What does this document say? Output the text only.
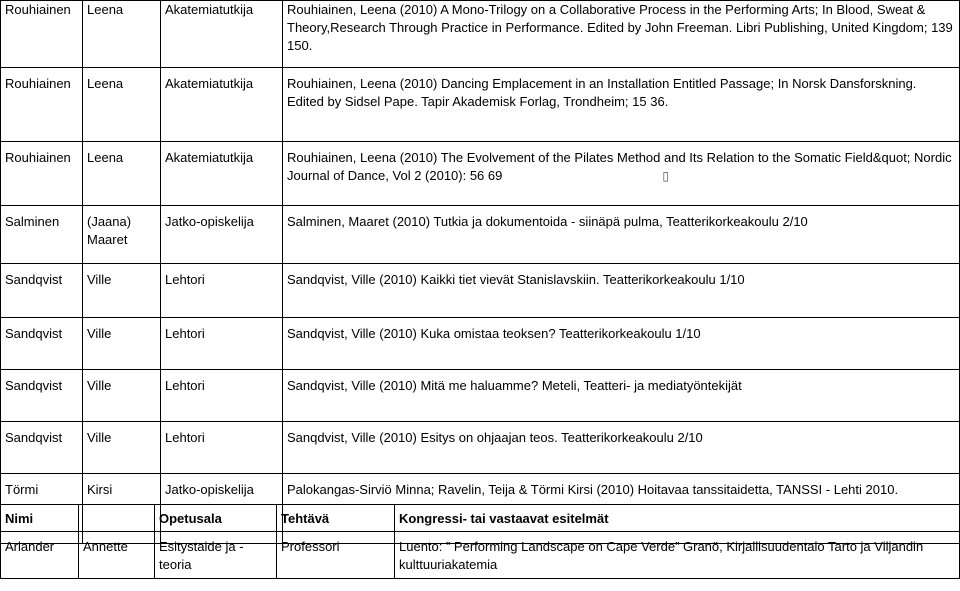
Rouhiainen	Leena	Akatemiatutkija	Rouhiainen, Leena (2010) A Mono-Trilogy on a Collaborative Process in the Performing Arts; In Blood, Sweat & Theory,Research Through Practice in Performance. Edited by John Freeman. Libri Publishing, United Kingdom; 139 150.
Rouhiainen	Leena	Akatemiatutkija	Rouhiainen, Leena (2010) Dancing Emplacement in an Installation Entitled Passage; In Norsk Dansforskning. Edited by Sidsel Pape. Tapir Akademisk Forlag, Trondheim; 15 36.
Rouhiainen	Leena	Akatemiatutkija	Rouhiainen, Leena (2010) The Evolvement of the Pilates Method and Its Relation to the Somatic Field&quot; Nordic Journal of Dance, Vol 2 (2010): 56 69 ▯
Salminen	(Jaana) Maaret	Jatko-opiskelija	Salminen, Maaret (2010) Tutkia ja dokumentoida - siinäpä pulma, Teatterikorkeakoulu 2/10
Sandqvist	Ville	Lehtori	Sandqvist, Ville (2010) Kaikki tiet vievät Stanislavskiin. Teatterikorkeakoulu 1/10
Sandqvist	Ville	Lehtori	Sandqvist, Ville (2010) Kuka omistaa teoksen? Teatterikorkeakoulu 1/10
Sandqvist	Ville	Lehtori	Sandqvist, Ville (2010) Mitä me haluamme? Meteli, Teatteri- ja mediatyöntekijät
Sandqvist	Ville	Lehtori	Sanqdvist, Ville (2010) Esitys on ohjaajan teos. Teatterikorkeakoulu 2/10
Törmi	Kirsi	Jatko-opiskelija	Palokangas-Sirviö Minna; Ravelin, Teija & Törmi Kirsi (2010) Hoitavaa tanssitaidetta, TANSSI - Lehti 2010.
Nimi		Opetusala	Tehtävä	Kongressi- tai vastaavat esitelmät
Arlander	Annette	Esitystaide ja -teoria	Professori	Luento: ” Performing Landscape on Cape Verde” Granö, Kirjallisuudentalo Tarto ja Viljandin kulttuuriakatemia
